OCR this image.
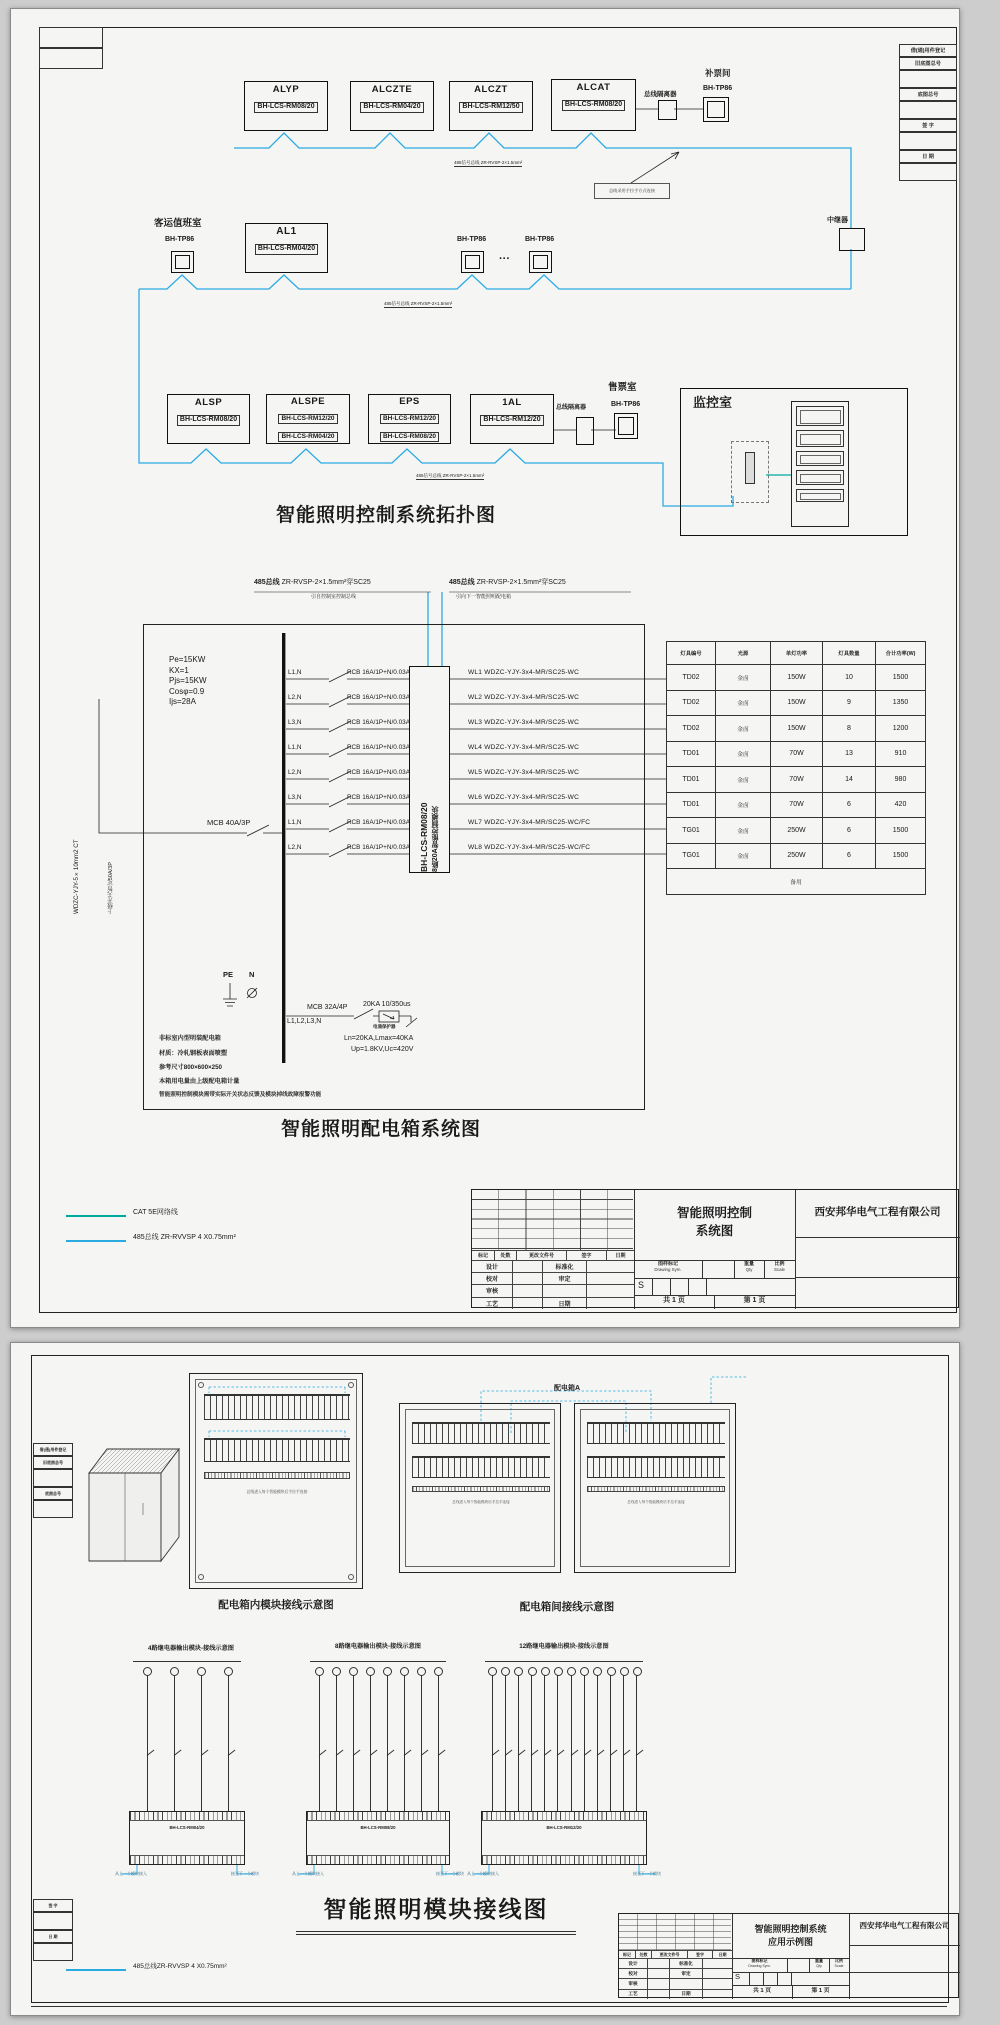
借(通)用件登记
旧底图总号
底图总号
签 字
日 期
ALYP
BH-LCS-RM08/20
ALCZTE
BH-LCS-RM04/20
ALCZT
BH-LCS-RM12/50
ALCAT
BH-LCS-RM08/20
总线隔离器
补票间
BH-TP86
485信号总线 ZR-RVSP-2×1.5mm²
总线采用手拉手方式连接
客运值班室
BH-TP86
AL1
BH-LCS-RM04/20
BH-TP86
···
BH-TP86
中继器
485信号总线 ZR-RVSP-2×1.5mm²
ALSP
BH-LCS-RM08/20
ALSPE
BH-LCS-RM12/20 BH-LCS-RM04/20
EPS
BH-LCS-RM12/20 BH-LCS-RM08/20
1AL
BH-LCS-RM12/20
总线隔离器
售票室
BH-TP86
485信号总线 ZR-RVSP-2×1.5mm²
监控室
智能照明控制系统拓扑图
485总线 ZR-RVSP-2×1.5mm²穿SC25	485总线 ZR-RVSP-2×1.5mm²穿SC25
引自控制室控制总线	引向下一智能照明配电箱
Pe=15KW
KX=1
Pjs=15KW
Cosφ=0.9
Ijs=28A
MCB 40A/3P
WDZC-YJY-5×10mm2 CT	上级开关暂定50A/3P
L1,N	RCB 16A/1P+N/0.03A
L2,N	RCB 16A/1P+N/0.03A
L3,N	RCB 16A/1P+N/0.03A
L1,N	RCB 16A/1P+N/0.03A
L2,N	RCB 16A/1P+N/0.03A
L3,N	RCB 16A/1P+N/0.03A
L1,N	RCB 16A/1P+N/0.03A
L2,N	RCB 16A/1P+N/0.03A BH-LCS-RM08/20 8路20A智能控制模块
WL1 WDZC-YJY-3x4-MR/SC25-WC
WL2 WDZC-YJY-3x4-MR/SC25-WC
WL3 WDZC-YJY-3x4-MR/SC25-WC
WL4 WDZC-YJY-3x4-MR/SC25-WC
WL5 WDZC-YJY-3x4-MR/SC25-WC
WL6 WDZC-YJY-3x4-MR/SC25-WC
WL7 WDZC-YJY-3x4-MR/SC25-WC/FC
WL8 WDZC-YJY-3x4-MR/SC25-WC/FC
PE N
MCB 32A/4P
L1,L2,L3,N
20KA 10/350us
电涌保护器
Ln=20KA,Lmax=40KA
Up=1.8KV,Uc=420V
非标室内型明装配电箱
材质：冷轧钢板表面喷塑
参考尺寸800×600×250
本箱用电量由上级配电箱计量
智能照明控制模块需带实际开关状态反馈及模块掉线故障报警功能
智能照明配电箱系统图
灯具编号	光源	单灯功率	灯具数量	合计功率(W)
TD02	金卤	150W	10	1500
TD02	金卤	150W	9	1350
TD02	金卤	150W	8	1200
TD01	金卤	70W	13	910
TD01	金卤	70W	14	980
TD01	金卤	70W	6	420
TG01	金卤	250W	6	1500
TG01	金卤	250W	6	1500
备用				
CAT 5E网络线
485总线 ZR-RVVSP 4 X0.75mm²
标记	处数	更改文件号	签字	日期
设计	标准化
校对	审定
审核
工艺	日期
智能照明控制
系统图
图样标记
Drawing Sym.
重量
Qty
比例
Scale
S
共 1 页	第 1 页
西安邦华电气工程有限公司
借(通)用件登记
旧底图总号
底图总号
签 字
日 期
总线进入每个智能模块后手拉手连接
配电箱内模块接线示意图
配电箱A
总线进入每个智能模块后手拉手连接	总线进入每个智能模块后手拉手连接
配电箱间接线示意图
4路继电器输出模块-接线示意图
BH-LCS-RM04/20
从上一个模块接入	接至下一个模块
8路继电器输出模块-接线示意图
BH-LCS-RM08/20
从上一个模块接入	接至下一个模块
12路继电器输出模块-接线示意图
BH-LCS-RM12/20
从上一个模块接入	接至下一个模块
智能照明模块接线图
485总线ZR-RVVSP 4 X0.75mm²
标记	处数	更改文件号	签字	日期
设计	标准化
校对	审定
审核
工艺	日期
智能照明控制系统
应用示例图
图样标记
Drawing Sym.
重量
Qty
比例
Scale
S
共 1 页	第 1 页
西安邦华电气工程有限公司
